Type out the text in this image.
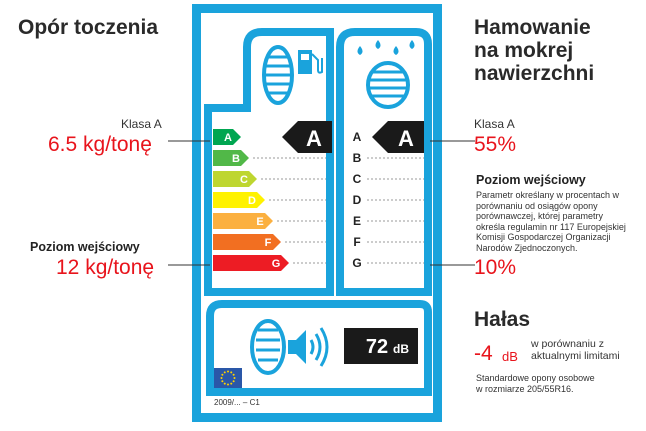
Opór toczenia
Klasa A
6.5 kg/tonę
Poziom wejściowy
12 kg/tonę
Hamowanie
na mokrej
nawierzchni
Klasa A
55%
Poziom wejściowy
Parametr określany w procentach w
porównaniu od osiągów opony
porównawczej, której parametry
określa regulamin nr 117 Europejskiej
Komisji Gospodarczej Organizacji
Narodów Zjednoczonych.
10%
Hałas
-4 dB
w porównaniu z
aktualnymi limitami
Standardowe opony osobowe
w rozmiarze 205/55R16.
A
B
C
D
E
F
G
A	A
B
C
D
E
F
G
A
72 dB
2009/... – C1
